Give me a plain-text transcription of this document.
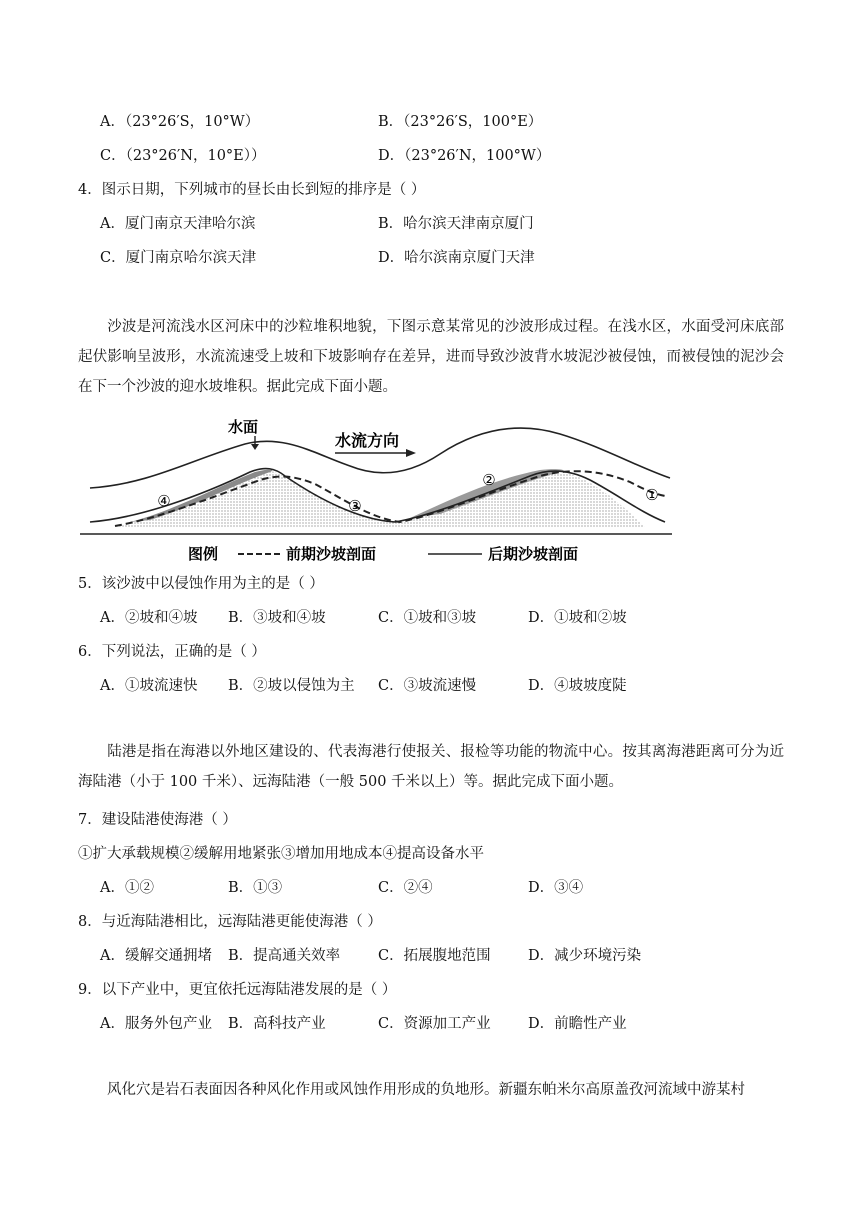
A．（23°26′S，10°W）	B．（23°26′S，100°E）
C．（23°26′N，10°E））	D．（23°26′N，100°W）
4．图示日期，下列城市的昼长由长到短的排序是（ ）
A．厦门南京天津哈尔滨	B．哈尔滨天津南京厦门
C．厦门南京哈尔滨天津	D．哈尔滨南京厦门天津
沙波是河流浅水区河床中的沙粒堆积地貌，下图示意某常见的沙波形成过程。在浅水区，水面受河床底部起伏影响呈波形，水流流速受上坡和下坡影响存在差异，进而导致沙波背水坡泥沙被侵蚀，而被侵蚀的泥沙会在下一个沙波的迎水坡堆积。据此完成下面小题。
水面
水流方向
④	③
②
①
图例	前期沙坡剖面	后期沙坡剖面
5．该沙波中以侵蚀作用为主的是（ ）
A．②坡和④坡 B．③坡和④坡	C．①坡和③坡	D．①坡和②坡
6．下列说法，正确的是（ ）
A．①坡流速快 B．②坡以侵蚀为主 C．③坡流速慢	D．④坡坡度陡
陆港是指在海港以外地区建设的、代表海港行使报关、报检等功能的物流中心。按其离海港距离可分为近海陆港（小于 100 千米）、远海陆港（一般 500 千米以上）等。据此完成下面小题。
7．建设陆港使海港（ ）
①扩大承载规模②缓解用地紧张③增加用地成本④提高设备水平
A．①②	B．①③	C．②④	D．③④
8．与近海陆港相比，远海陆港更能使海港（ ）
A．缓解交通拥堵 B．提高通关效率	C．拓展腹地范围	D．减少环境污染
9．以下产业中，更宜依托远海陆港发展的是（ ）
A．服务外包产业 B．高科技产业	C．资源加工产业	D．前瞻性产业
风化穴是岩石表面因各种风化作用或风蚀作用形成的负地形。新疆东帕米尔高原盖孜河流域中游某村
